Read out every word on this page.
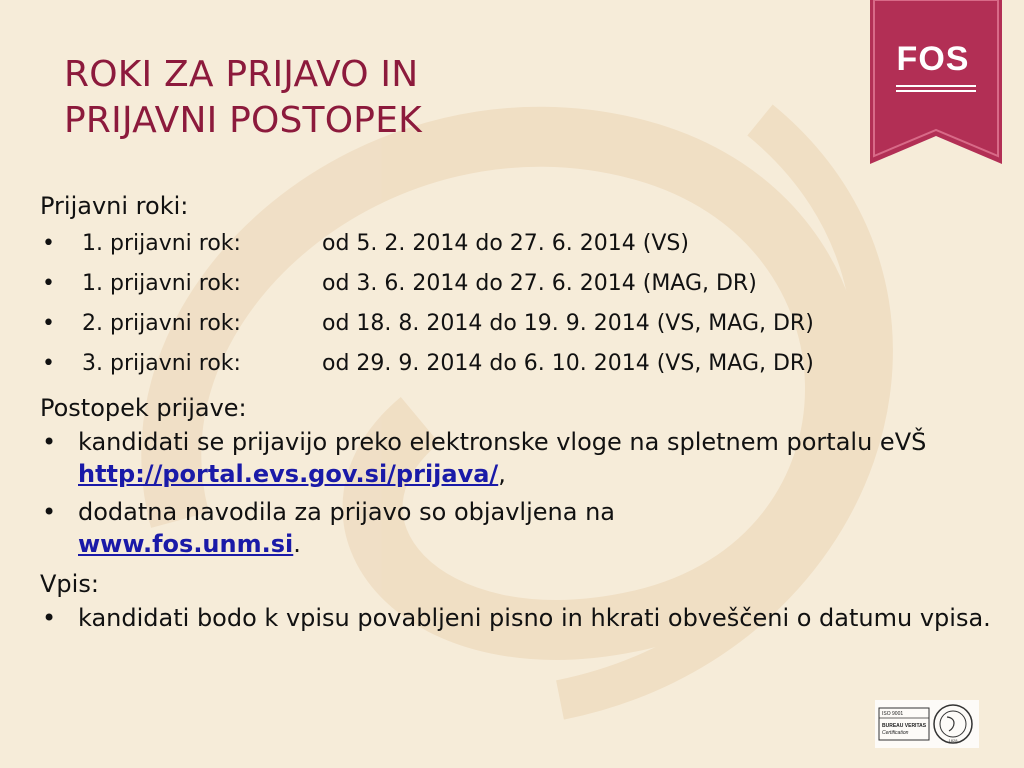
ROKI ZA PRIJAVO IN
PRIJAVNI POSTOPEK
FOS
Prijavni roki:
• 1. prijavni rok:	od 5. 2. 2014 do 27. 6. 2014 (VS)
• 1. prijavni rok:	od 3. 6. 2014 do 27. 6. 2014 (MAG, DR)
• 2. prijavni rok:	od 18. 8. 2014 do 19. 9. 2014 (VS, MAG, DR)
• 3. prijavni rok:	od 29. 9. 2014 do 6. 10. 2014 (VS, MAG, DR)
Postopek prijave:
• kandidati se prijavijo preko elektronske vloge na spletnem portalu eVŠ http://portal.evs.gov.si/prijava/,
• dodatna navodila za prijavo so objavljena na
www.fos.unm.si.
Vpis:
• kandidati bodo k vpisu povabljeni pisno in hkrati obveščeni o datumu vpisa.
ISO 9001
BUREAU VERITAS
Certification
1828
